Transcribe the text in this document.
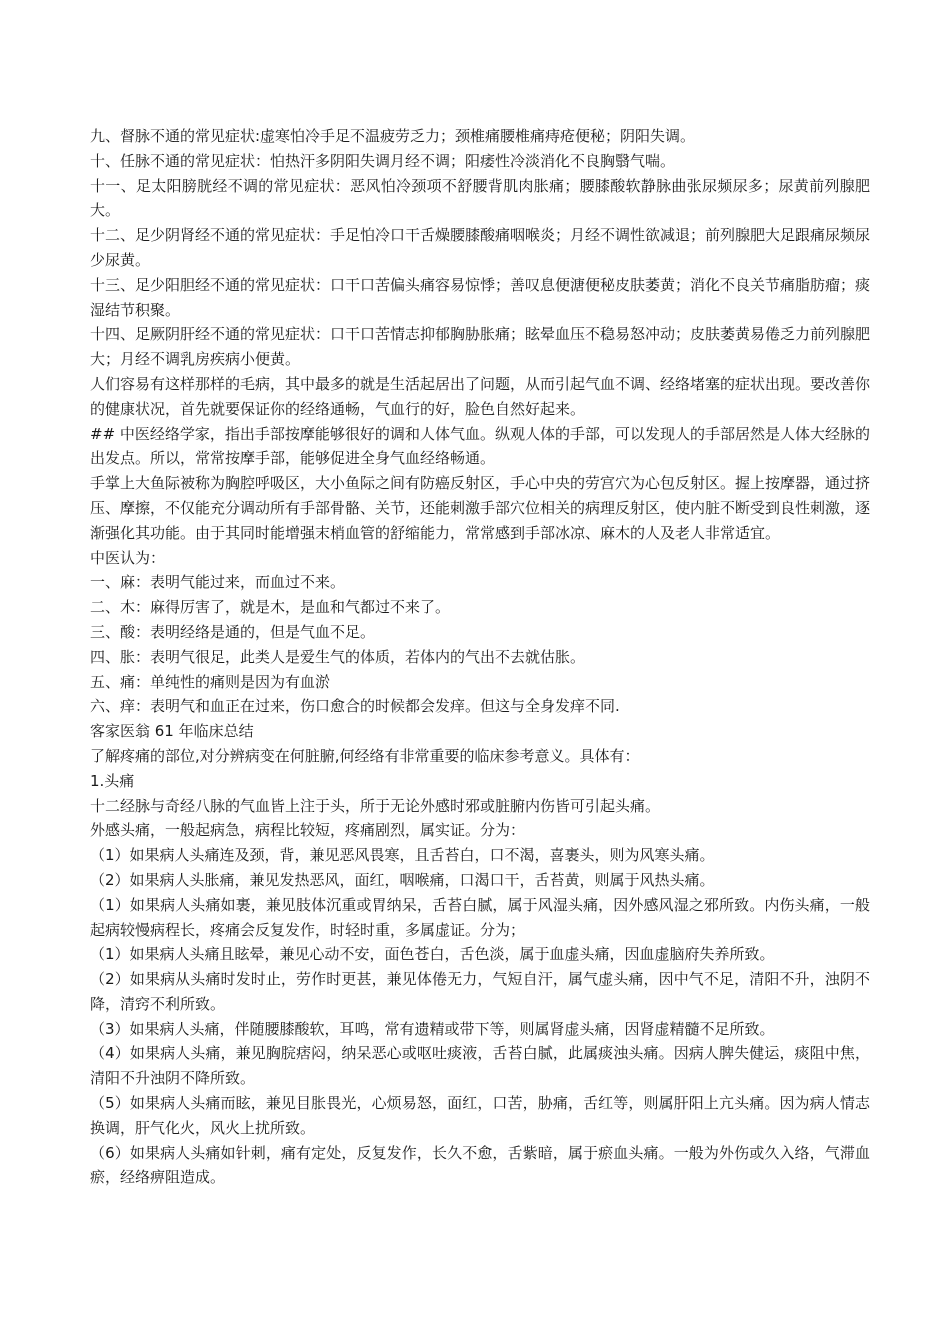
九、督脉不通的常见症状:虚寒怕冷手足不温疲劳乏力；颈椎痛腰椎痛痔疮便秘；阴阳失调。

十、任脉不通的常见症状：怕热汗多阴阳失调月经不调；阳痿性冷淡消化不良胸翳气喘。

十一、足太阳膀胱经不调的常见症状：恶风怕冷颈项不舒腰背肌肉胀痛；腰膝酸软静脉曲张尿频尿多；尿黄前列腺肥大。

十二、足少阴肾经不通的常见症状：手足怕冷口干舌燥腰膝酸痛咽喉炎；月经不调性欲减退；前列腺肥大足跟痛尿频尿少尿黄。

十三、足少阳胆经不通的常见症状：口干口苦偏头痛容易惊悸；善叹息便溏便秘皮肤萎黄；消化不良关节痛脂肪瘤；痰湿结节积聚。

十四、足厥阴肝经不通的常见症状：口干口苦情志抑郁胸胁胀痛；眩晕血压不稳易怒冲动；皮肤萎黄易倦乏力前列腺肥大；月经不调乳房疾病小便黄。

人们容易有这样那样的毛病，其中最多的就是生活起居出了问题，从而引起气血不调、经络堵塞的症状出现。要改善你的健康状况，首先就要保证你的经络通畅，气血行的好，脸色自然好起来。

## 中医经络学家，指出手部按摩能够很好的调和人体气血。纵观人体的手部，可以发现人的手部居然是人体大经脉的出发点。所以，常常按摩手部，能够促进全身气血经络畅通。

手掌上大鱼际被称为胸腔呼吸区，大小鱼际之间有防癌反射区，手心中央的劳宫穴为心包反射区。握上按摩器，通过挤压、摩擦，不仅能充分调动所有手部骨骼、关节，还能刺激手部穴位相关的病理反射区，使内脏不断受到良性刺激，逐渐强化其功能。由于其同时能增强末梢血管的舒缩能力，常常感到手部冰凉、麻木的人及老人非常适宜。

中医认为：

一、麻：表明气能过来，而血过不来。

二、木：麻得厉害了，就是木，是血和气都过不来了。

三、酸：表明经络是通的，但是气血不足。

四、胀：表明气很足，此类人是爱生气的体质，若体内的气出不去就估胀。

五、痛：单纯性的痛则是因为有血淤

六、痒：表明气和血正在过来，伤口愈合的时候都会发痒。但这与全身发痒不同.

客家医翁 61 年临床总结

了解疼痛的部位,对分辨病变在何脏腑,何经络有非常重要的临床参考意义。具体有：

1.头痛

十二经脉与奇经八脉的气血皆上注于头，所于无论外感时邪或脏腑内伤皆可引起头痛。

外感头痛，一般起病急，病程比较短，疼痛剧烈，属实证。分为：

（1）如果病人头痛连及颈，背，兼见恶风畏寒，且舌苔白，口不渴，喜裹头，则为风寒头痛。

（2）如果病人头胀痛，兼见发热恶风，面红，咽喉痛，口渴口干，舌苔黄，则属于风热头痛。

（1）如果病人头痛如裹，兼见肢体沉重或胃纳呆，舌苔白腻，属于风湿头痛，因外感风湿之邪所致。内伤头痛，一般起病较慢病程长，疼痛会反复发作，时轻时重，多属虚证。分为；

（1）如果病人头痛且眩晕，兼见心动不安，面色苍白，舌色淡，属于血虚头痛，因血虚脑府失养所致。

（2）如果病从头痛时发时止，劳作时更甚，兼见体倦无力，气短自汗，属气虚头痛，因中气不足，清阳不升，浊阴不降，清窍不利所致。

（3）如果病人头痛，伴随腰膝酸软，耳鸣，常有遗精或带下等，则属肾虚头痛，因肾虚精髓不足所致。

（4）如果病人头痛，兼见胸脘痞闷，纳呆恶心或呕吐痰液，舌苔白腻，此属痰浊头痛。因病人脾失健运，痰阻中焦，清阳不升浊阴不降所致。

（5）如果病人头痛而眩，兼见目胀畏光，心烦易怒，面红，口苦，胁痛，舌红等，则属肝阳上亢头痛。因为病人情志换调，肝气化火，风火上扰所致。

（6）如果病人头痛如针刺，痛有定处，反复发作，长久不愈，舌紫暗，属于瘀血头痛。一般为外伤或久入络，气滞血瘀，经络痹阻造成。
